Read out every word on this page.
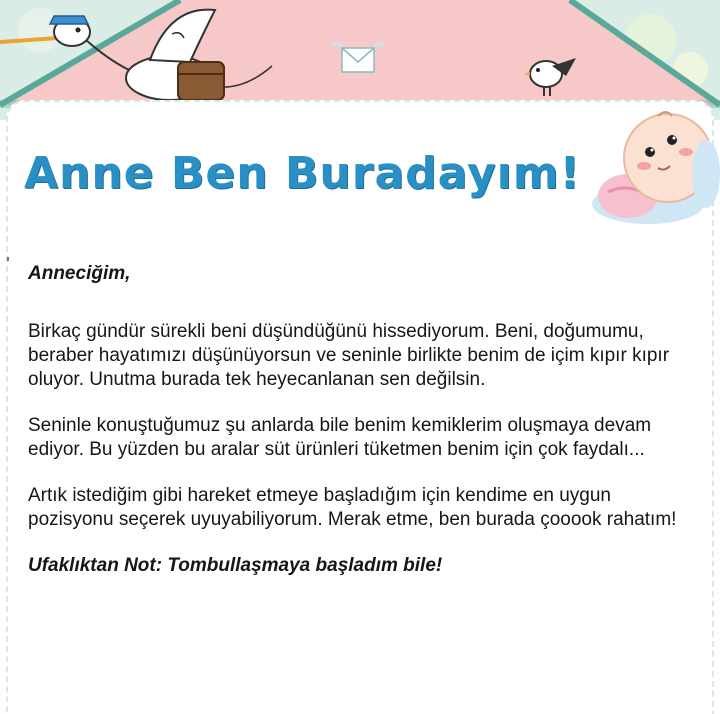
Anne Ben Buradayım!

Anneciğim,

Birkaç gündür sürekli beni düşündüğünü hissediyorum. Beni, doğumumu, beraber hayatımızı düşünüyorsun ve seninle birlikte benim de içim kıpır kıpır oluyor. Unutma burada tek heyecanlanan sen değilsin.

Seninle konuştuğumuz şu anlarda bile benim kemiklerim oluşmaya devam ediyor. Bu yüzden bu aralar süt ürünleri tüketmen benim için çok faydalı...

Artık istediğim gibi hareket etmeye başladığım için kendime en uygun pozisyonu seçerek uyuyabiliyorum. Merak etme, ben burada çooook rahatım!

Ufaklıktan Not: Tombullaşmaya başladım bile!
